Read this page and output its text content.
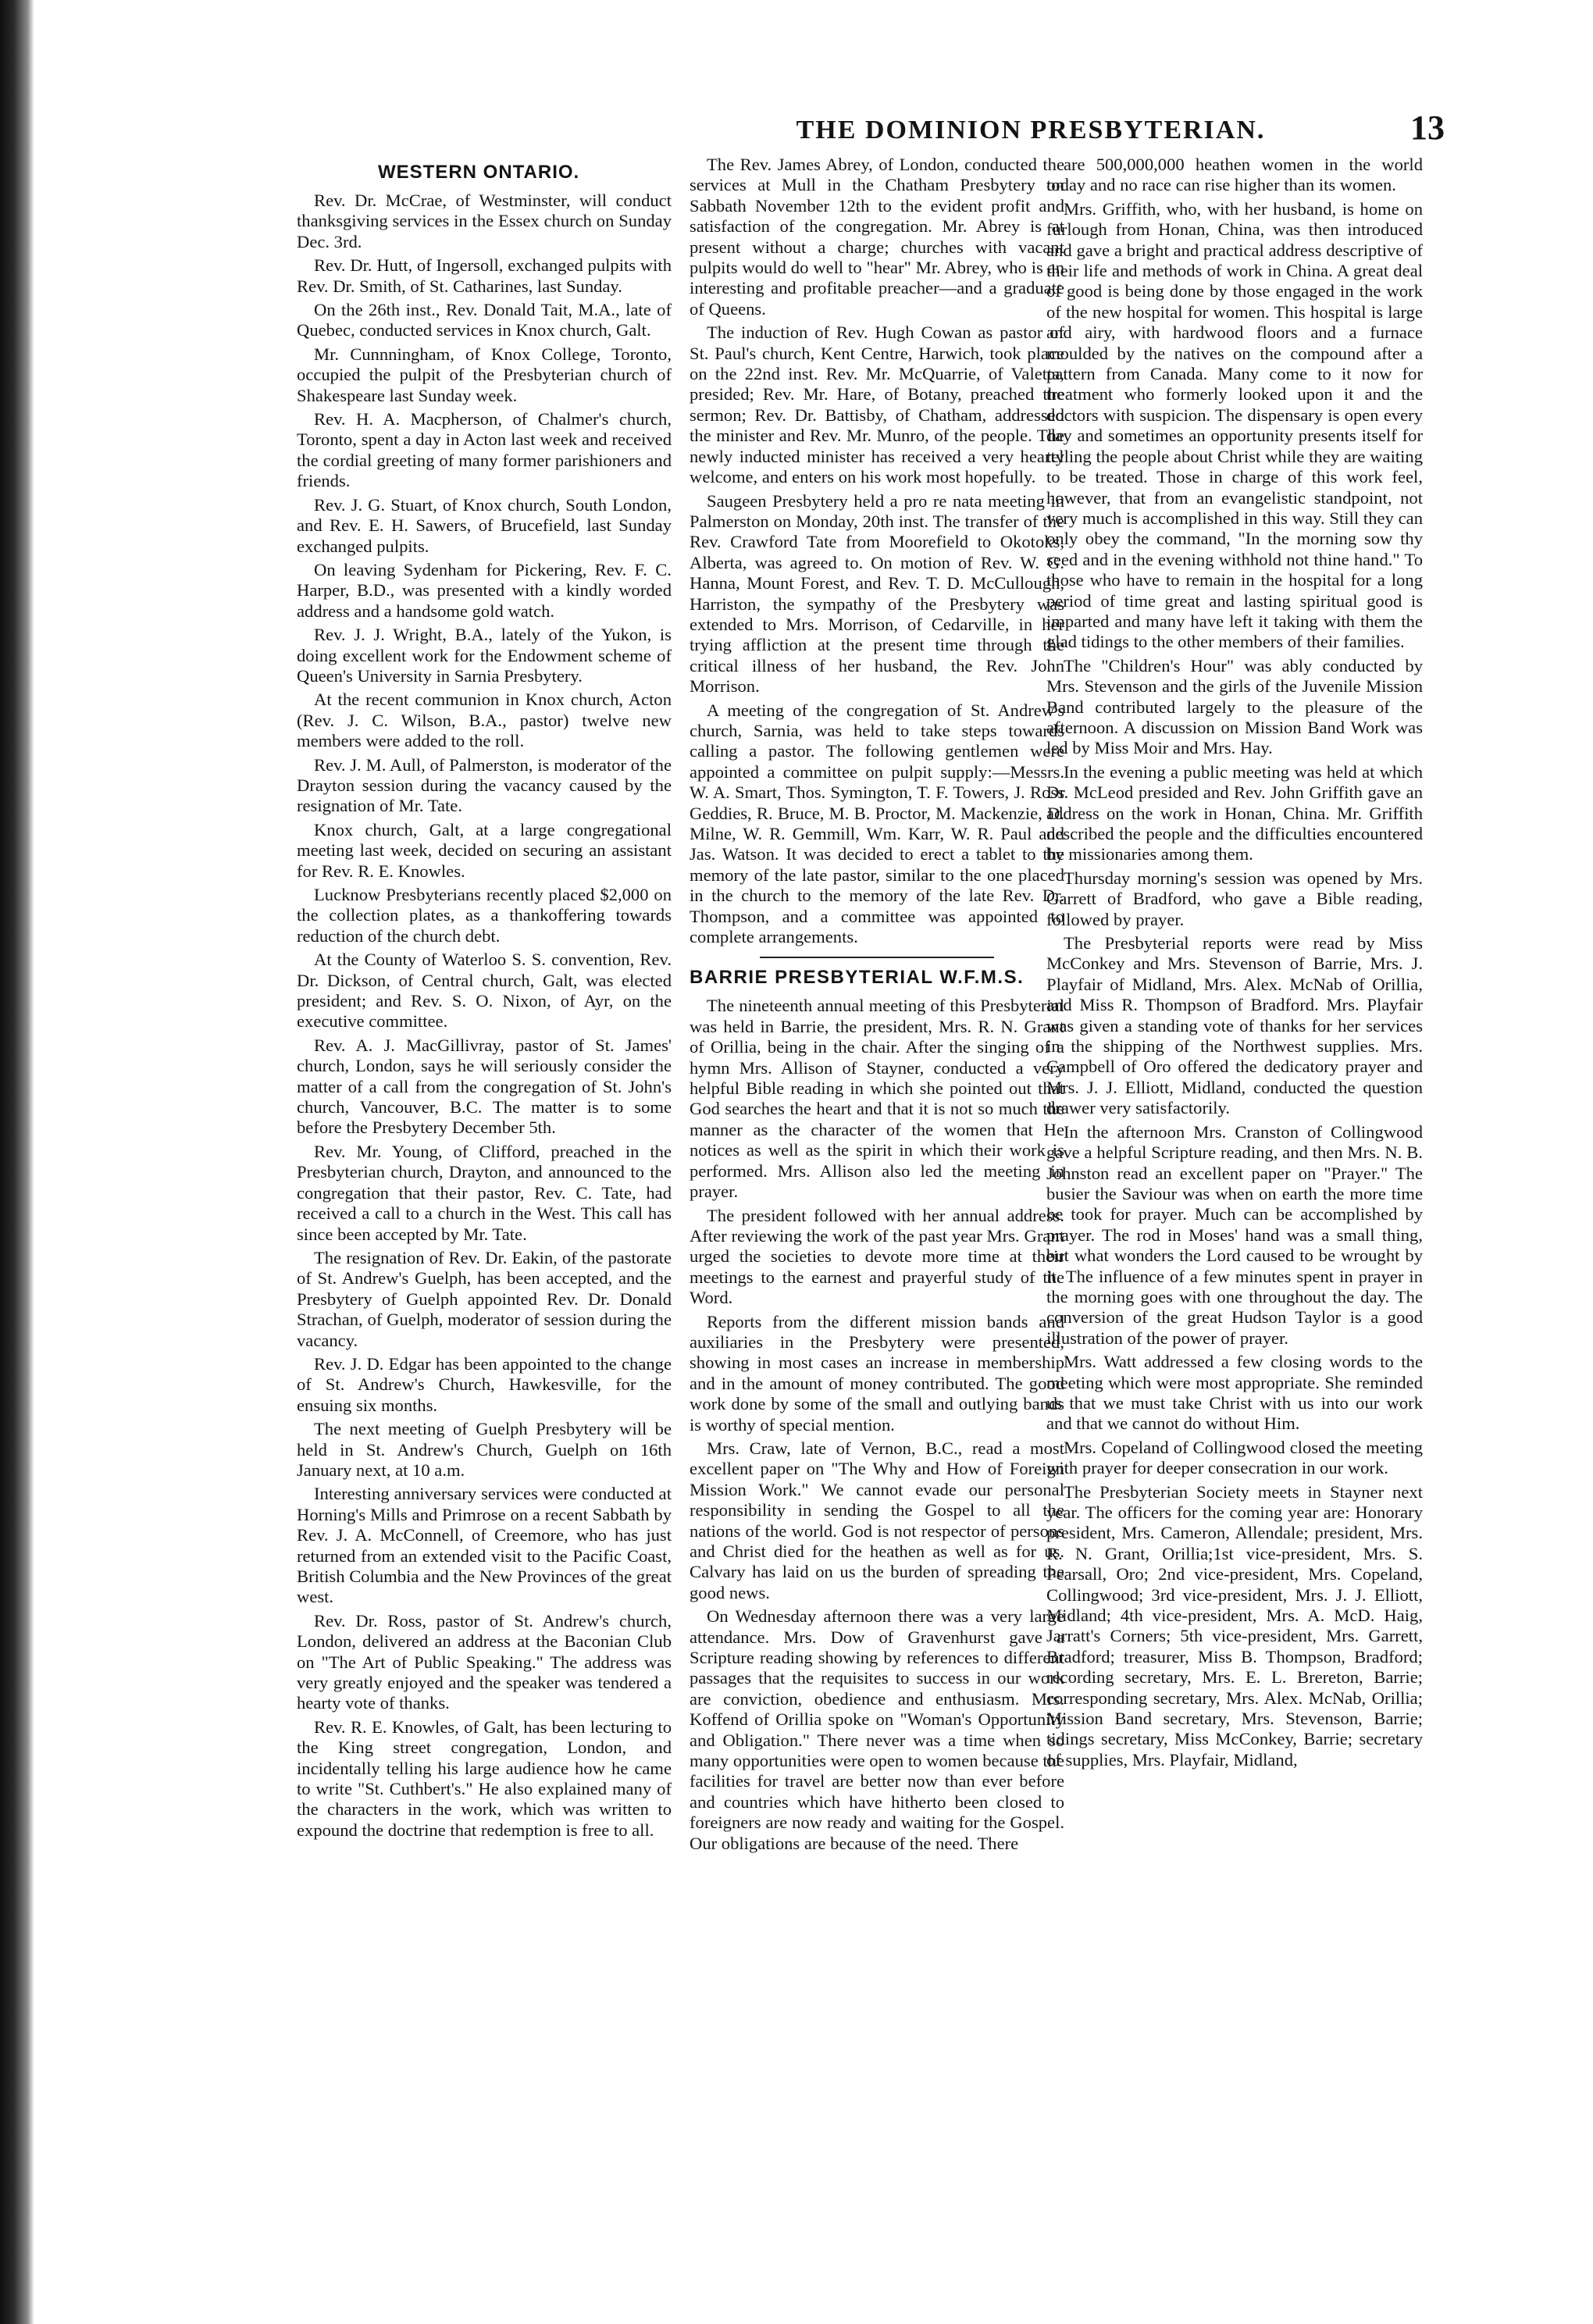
THE DOMINION PRESBYTERIAN.	13
WESTERN ONTARIO.

Rev. Dr. McCrae, of Westminster, will conduct thanksgiving services in the Essex church on Sunday Dec. 3rd.

Rev. Dr. Hutt, of Ingersoll, exchanged pulpits with Rev. Dr. Smith, of St. Catharines, last Sunday.

On the 26th inst., Rev. Donald Tait, M.A., late of Quebec, conducted services in Knox church, Galt.

Mr. Cunnningham, of Knox College, Toronto, occupied the pulpit of the Presbyterian church of Shakespeare last Sunday week.

Rev. H. A. Macpherson, of Chalmer's church, Toronto, spent a day in Acton last week and received the cordial greeting of many former parishioners and friends.

Rev. J. G. Stuart, of Knox church, South London, and Rev. E. H. Sawers, of Brucefield, last Sunday exchanged pulpits.

On leaving Sydenham for Pickering, Rev. F. C. Harper, B.D., was presented with a kindly worded address and a handsome gold watch.

Rev. J. J. Wright, B.A., lately of the Yukon, is doing excellent work for the Endowment scheme of Queen's University in Sarnia Presbytery.

At the recent communion in Knox church, Acton (Rev. J. C. Wilson, B.A., pastor) twelve new members were added to the roll.

Rev. J. M. Aull, of Palmerston, is moderator of the Drayton session during the vacancy caused by the resignation of Mr. Tate.

Knox church, Galt, at a large congregational meeting last week, decided on securing an assistant for Rev. R. E. Knowles.

Lucknow Presbyterians recently placed $2,000 on the collection plates, as a thankoffering towards reduction of the church debt.

At the County of Waterloo S. S. convention, Rev. Dr. Dickson, of Central church, Galt, was elected president; and Rev. S. O. Nixon, of Ayr, on the executive committee.

Rev. A. J. MacGillivray, pastor of St. James' church, London, says he will seriously consider the matter of a call from the congregation of St. John's church, Vancouver, B.C. The matter is to some before the Presbytery December 5th.

Rev. Mr. Young, of Clifford, preached in the Presbyterian church, Drayton, and announced to the congregation that their pastor, Rev. C. Tate, had received a call to a church in the West. This call has since been accepted by Mr. Tate.

The resignation of Rev. Dr. Eakin, of the pastorate of St. Andrew's Guelph, has been accepted, and the Presbytery of Guelph appointed Rev. Dr. Donald Strachan, of Guelph, moderator of session during the vacancy.

Rev. J. D. Edgar has been appointed to the change of St. Andrew's Church, Hawkesville, for the ensuing six months.

The next meeting of Guelph Presbytery will be held in St. Andrew's Church, Guelph on 16th January next, at 10 a.m.

Interesting anniversary services were conducted at Horning's Mills and Primrose on a recent Sabbath by Rev. J. A. McConnell, of Creemore, who has just returned from an extended visit to the Pacific Coast, British Columbia and the New Provinces of the great west.

Rev. Dr. Ross, pastor of St. Andrew's church, London, delivered an address at the Baconian Club on "The Art of Public Speaking." The address was very greatly enjoyed and the speaker was tendered a hearty vote of thanks.

Rev. R. E. Knowles, of Galt, has been lecturing to the King street congregation, London, and incidentally telling his large audience how he came to write "St. Cuthbert's." He also explained many of the characters in the work, which was written to expound the doctrine that redemption is free to all.

The Rev. James Abrey, of London, conducted the services at Mull in the Chatham Presbytery on Sabbath November 12th to the evident profit and satisfaction of the congregation. Mr. Abrey is at present without a charge; churches with vacant pulpits would do well to "hear" Mr. Abrey, who is an interesting and profitable preacher—and a graduate of Queens.

The induction of Rev. Hugh Cowan as pastor of St. Paul's church, Kent Centre, Harwich, took place on the 22nd inst. Rev. Mr. McQuarrie, of Valetta, presided; Rev. Mr. Hare, of Botany, preached the sermon; Rev. Dr. Battisby, of Chatham, addressed the minister and Rev. Mr. Munro, of the people. The newly inducted minister has received a very hearty welcome, and enters on his work most hopefully.

Saugeen Presbytery held a pro re nata meeting in Palmerston on Monday, 20th inst. The transfer of the Rev. Crawford Tate from Moorefield to Okotoks, Alberta, was agreed to. On motion of Rev. W. G. Hanna, Mount Forest, and Rev. T. D. McCullough, Harriston, the sympathy of the Presbytery was extended to Mrs. Morrison, of Cedarville, in her trying affliction at the present time through the critical illness of her husband, the Rev. John Morrison.

A meeting of the congregation of St. Andrew's church, Sarnia, was held to take steps towards calling a pastor. The following gentlemen were appointed a committee on pulpit supply:—Messrs. W. A. Smart, Thos. Symington, T. F. Towers, J. Ross Geddies, R. Bruce, M. B. Proctor, M. Mackenzie, D. Milne, W. R. Gemmill, Wm. Karr, W. R. Paul and Jas. Watson. It was decided to erect a tablet to the memory of the late pastor, similar to the one placed in the church to the memory of the late Rev. Dr. Thompson, and a committee was appointed to complete arrangements.

BARRIE PRESBYTERIAL W.F.M.S.

The nineteenth annual meeting of this Presbyterial was held in Barrie, the president, Mrs. R. N. Grant of Orillia, being in the chair. After the singing of a hymn Mrs. Allison of Stayner, conducted a very helpful Bible reading in which she pointed out that God searches the heart and that it is not so much the manner as the character of the women that He notices as well as the spirit in which their work is performed. Mrs. Allison also led the meeting in prayer.

The president followed with her annual address. After reviewing the work of the past year Mrs. Grant urged the societies to devote more time at their meetings to the earnest and prayerful study of the Word.

Reports from the different mission bands and auxiliaries in the Presbytery were presented, showing in most cases an increase in membership and in the amount of money contributed. The good work done by some of the small and outlying bands is worthy of special mention.

Mrs. Craw, late of Vernon, B.C., read a most excellent paper on "The Why and How of Foreign Mission Work." We cannot evade our personal responsibility in sending the Gospel to all the nations of the world. God is not respector of persons and Christ died for the heathen as well as for us. Calvary has laid on us the burden of spreading the good news.

On Wednesday afternoon there was a very large attendance. Mrs. Dow of Gravenhurst gave a Scripture reading showing by references to different passages that the requisites to success in our work are conviction, obedience and enthusiasm. Mrs. Koffend of Orillia spoke on "Woman's Opportunity and Obligation." There never was a time when so many opportunities were open to women because the facilities for travel are better now than ever before and countries which have hitherto been closed to foreigners are now ready and waiting for the Gospel. Our obligations are because of the need. There

are 500,000,000 heathen women in the world today and no race can rise higher than its women.

Mrs. Griffith, who, with her husband, is home on furlough from Honan, China, was then introduced and gave a bright and practical address descriptive of their life and methods of work in China. A great deal of good is being done by those engaged in the work of the new hospital for women. This hospital is large and airy, with hardwood floors and a furnace moulded by the natives on the compound after a pattern from Canada. Many come to it now for treatment who formerly looked upon it and the doctors with suspicion. The dispensary is open every day and sometimes an opportunity presents itself for telling the people about Christ while they are waiting to be treated. Those in charge of this work feel, however, that from an evangelistic standpoint, not very much is accomplished in this way. Still they can only obey the command, "In the morning sow thy seed and in the evening withhold not thine hand." To those who have to remain in the hospital for a long period of time great and lasting spiritual good is imparted and many have left it taking with them the glad tidings to the other members of their families.

The "Children's Hour" was ably conducted by Mrs. Stevenson and the girls of the Juvenile Mission Band contributed largely to the pleasure of the afternoon. A discussion on Mission Band Work was led by Miss Moir and Mrs. Hay.

In the evening a public meeting was held at which Dr. McLeod presided and Rev. John Griffith gave an address on the work in Honan, China. Mr. Griffith described the people and the difficulties encountered by missionaries among them.

Thursday morning's session was opened by Mrs. Garrett of Bradford, who gave a Bible reading, followed by prayer.

The Presbyterial reports were read by Miss McConkey and Mrs. Stevenson of Barrie, Mrs. J. Playfair of Midland, Mrs. Alex. McNab of Orillia, and Miss R. Thompson of Bradford. Mrs. Playfair was given a standing vote of thanks for her services in the shipping of the Northwest supplies. Mrs. Campbell of Oro offered the dedicatory prayer and Mrs. J. J. Elliott, Midland, conducted the question drawer very satisfactorily.

In the afternoon Mrs. Cranston of Collingwood gave a helpful Scripture reading, and then Mrs. N. B. Johnston read an excellent paper on "Prayer." The busier the Saviour was when on earth the more time he took for prayer. Much can be accomplished by prayer. The rod in Moses' hand was a small thing, but what wonders the Lord caused to be wrought by it. The influence of a few minutes spent in prayer in the morning goes with one throughout the day. The conversion of the great Hudson Taylor is a good illustration of the power of prayer.

Mrs. Watt addressed a few closing words to the meeting which were most appropriate. She reminded us that we must take Christ with us into our work and that we cannot do without Him.

Mrs. Copeland of Collingwood closed the meeting with prayer for deeper consecration in our work.

The Presbyterian Society meets in Stayner next year. The officers for the coming year are: Honorary president, Mrs. Cameron, Allendale; president, Mrs. R. N. Grant, Orillia;1st vice-president, Mrs. S. Pearsall, Oro; 2nd vice-president, Mrs. Copeland, Collingwood; 3rd vice-president, Mrs. J. J. Elliott, Midland; 4th vice-president, Mrs. A. McD. Haig, Jarratt's Corners; 5th vice-president, Mrs. Garrett, Bradford; treasurer, Miss B. Thompson, Bradford; recording secretary, Mrs. E. L. Brereton, Barrie; corresponding secretary, Mrs. Alex. McNab, Orillia; Mission Band secretary, Mrs. Stevenson, Barrie; tidings secretary, Miss McConkey, Barrie; secretary of supplies, Mrs. Playfair, Midland,
